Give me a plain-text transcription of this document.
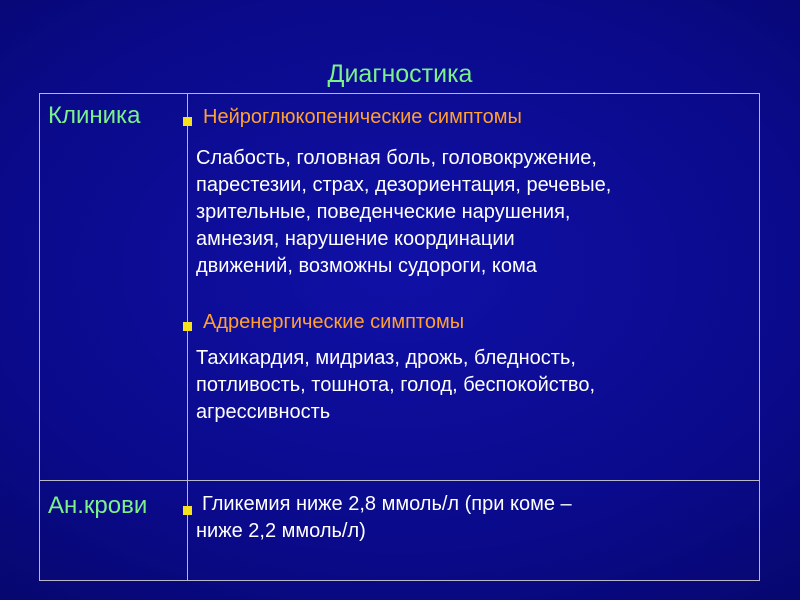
Диагностика
Клиника	Нейроглюкопенические симптомы
Слабость, головная боль, головокружение,
парестезии, страх, дезориентация, речевые,
зрительные, поведенческие нарушения,
амнезия, нарушение координации
движений, возможны судороги, кома
Адренергические симптомы
Тахикардия, мидриаз, дрожь, бледность,
потливость, тошнота, голод, беспокойство,
агрессивность
Ан.крови	Гликемия ниже 2,8 ммоль/л (при коме –
ниже 2,2 ммоль/л)
